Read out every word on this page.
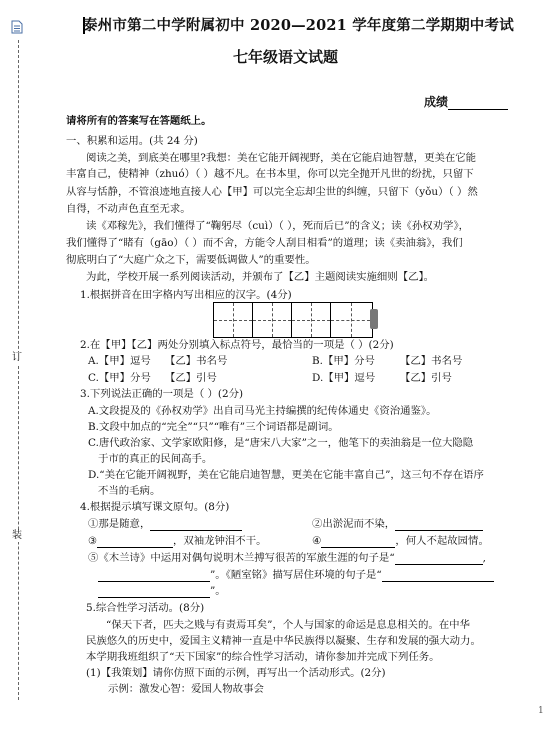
订
装
泰州市第二中学附属初中 2020—2021 学年度第二学期期中考试
七年级语文试题
成绩
请将所有的答案写在答题纸上。
一、积累和运用。(共 24 分)
阅读之美，到底美在哪里?我想：美在它能开阔视野，美在它能启迪智慧，更美在它能
丰富自己，使精神（zhuó）（ ）越不凡。在书本里，你可以完全抛开凡世的纷扰，只留下
从容与恬静，不管浪迹地直接人心【甲】可以完全忘却尘世的纠缠，只留下（yǒu）（ ）然
自得，不动声色直至无求。
读《邓稼先》，我们懂得了“鞠躬尽（cuì）（ ），死而后已”的含义；读《孙权劝学》，
我们懂得了“睹有（gāo）（ ）而不舍，方能令人刮目相看”的道理；读《卖油翁》，我们
彻底明白了“大庭广众之下，需要低调做人”的重要性。
为此，学校开展一系列阅读活动，并颁布了【乙】主题阅读实施细则【乙】。
1.根据拼音在田字格内写出相应的汉字。(4分)
2.在【甲】【乙】两处分别填入标点符号，最恰当的一项是（ ）(2分)
A.【甲】逗号 【乙】书名号	B.【甲】分号 【乙】书名号
C.【甲】分号 【乙】引号	D.【甲】逗号 【乙】引号
3.下列说法正确的一项是（ ）(2分)
A.文段提及的《孙权劝学》出自司马光主持编撰的纪传体通史《资治通鉴》。
B.文段中加点的“完全”“只”“唯有”三个词语都是副词。
C.唐代政治家、文学家欧阳修，是“唐宋八大家”之一，他笔下的卖油翁是一位大隐隐
于市的真正的民间高手。
D.“美在它能开阔视野，美在它能启迪智慧，更美在它能丰富自己”，这三句不存在语序
不当的毛病。
4.根据提示填写课文原句。(8分)
①那是随意，	②出淤泥而不染，
③	，双袖龙钟泪不干。	④	，何人不起故园情。
⑤《木兰诗》中运用对偶句说明木兰搏写很苦的军旅生涯的句子是“	,
”。《陋室铭》描写居住环境的句子是“
”。
5.综合性学习活动。(8分)
“保天下者，匹夫之贱与有责焉耳矣”，个人与国家的命运是息息相关的。在中华
民族悠久的历史中，爱国主义精神一直是中华民族得以凝聚、生存和发展的强大动力。
本学期我班组织了“天下国家”的综合性学习活动，请你参加并完成下列任务。
(1)【我策划】请你仿照下面的示例，再写出一个活动形式。(2分)
示例：激发心智：爱国人物故事会
1
